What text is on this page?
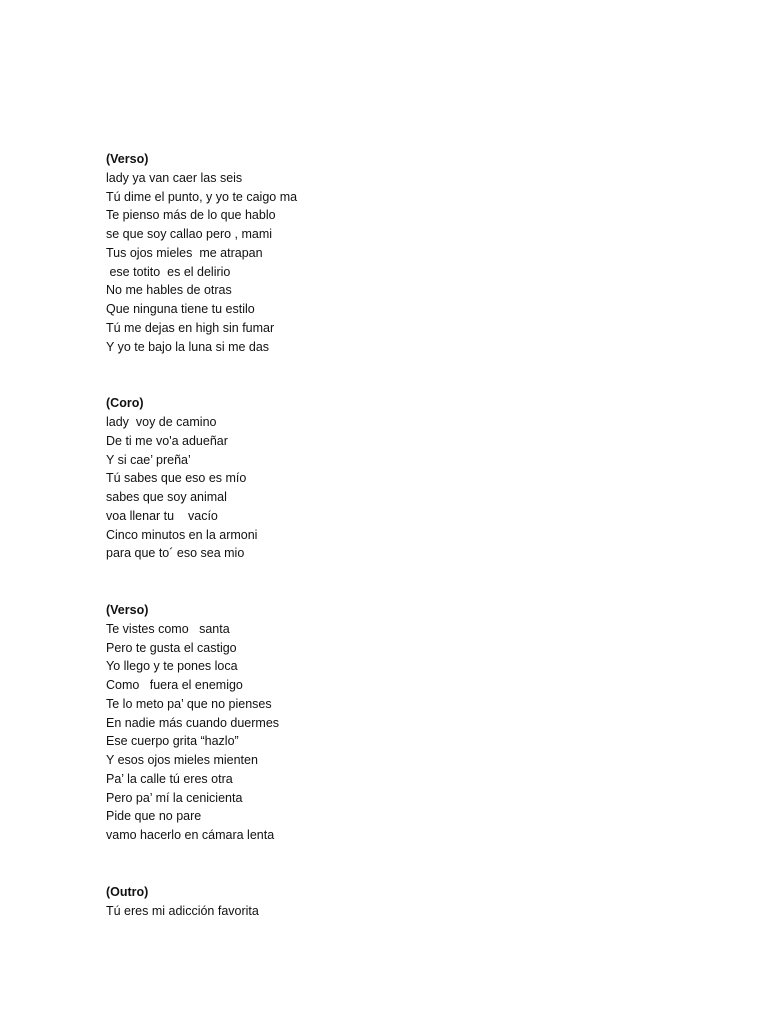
(Verso)
lady ya van caer las seis
Tú dime el punto, y yo te caigo ma
Te pienso más de lo que hablo
se que soy callao pero , mami
Tus ojos mieles  me atrapan
ese totito  es el delirio
No me hables de otras
Que ninguna tiene tu estilo
Tú me dejas en high sin fumar
Y yo te bajo la luna si me das
(Coro)
lady  voy de camino
De ti me vo'a adueñar
Y si cae’ preña’
Tú sabes que eso es mío
sabes que soy animal
voa llenar tu    vacío
Cinco minutos en la armoni
para que to´ eso sea mio
(Verso)
Te vistes como   santa
Pero te gusta el castigo
Yo llego y te pones loca
Como   fuera el enemigo
Te lo meto pa’ que no pienses
En nadie más cuando duermes
Ese cuerpo grita “hazlo”
Y esos ojos mieles mienten
Pa’ la calle tú eres otra
Pero pa’ mí la cenicienta
Pide que no pare
vamo hacerlo en cámara lenta
(Outro)
Tú eres mi adicción favorita
